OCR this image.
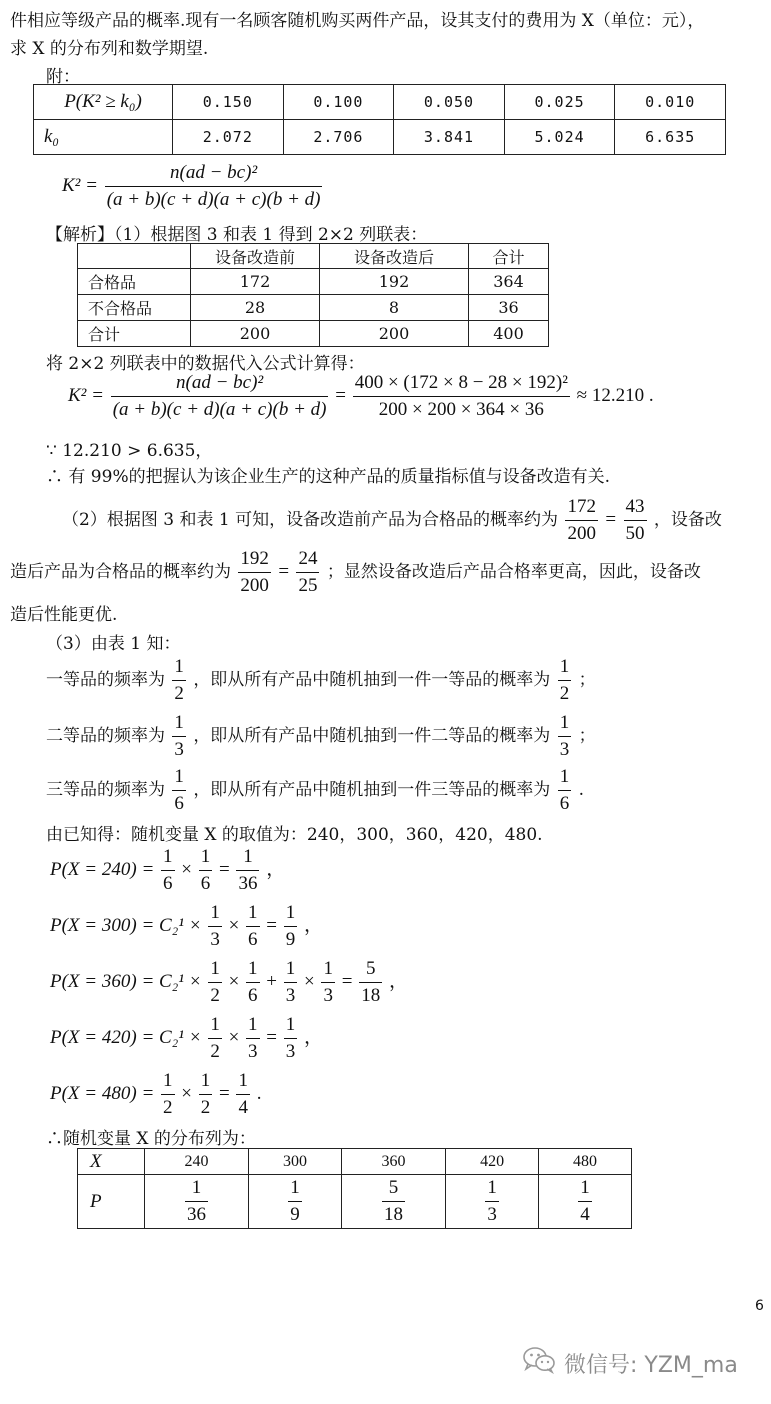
件相应等级产品的概率.现有一名顾客随机购买两件产品，设其支付的费用为 X（单位：元），
求 X 的分布列和数学期望.
附：
P(K² ≥ k₀)	0.150	0.100	0.050	0.025	0.010
k₀	2.072	2.706	3.841	5.024	6.635
$K^2 = \frac{\text{n(ad − bc)²}}{(a + b)(c + d)(a + c)(b + d)}$
【解析】（1）根据图 3 和表 1 得到 2×2 列联表：
	设备改造前	设备改造后	合计
合格品	172	192	364
不合格品	28	8	36
合计	200	200	400
将 2×2 列联表中的数据代入公式计算得：
$K^2 = \frac{\text{n(ad − bc)²}}{(a + b)(c + d)(a + c)(b + d)} = \frac{\text{400 × (172 × 8 − 28 × 192)²}}{200 \times 200 \times 364 \times 36} \approx 12.210$ .
∵ 12.210 > 6.635，
∴ 有 99%的把握认为该企业生产的这种产品的质量指标值与设备改造有关.
（2）根据图 3 和表 1 可知，设备改造前产品为合格品的概率约为 $\frac{172}{200} = \frac{43}{50}$ ，设备改
造后产品为合格品的概率约为 $\frac{192}{200} = \frac{24}{25}$ ；显然设备改造后产品合格率更高，因此，设备改
造后性能更优.
（3）由表 1 知：
一等品的频率为 $\frac{1}{2}$ ，即从所有产品中随机抽到一件一等品的概率为 $\frac{1}{2}$ ；
二等品的频率为 $\frac{1}{3}$ ，即从所有产品中随机抽到一件二等品的概率为 $\frac{1}{3}$ ；
三等品的频率为 $\frac{1}{6}$ ，即从所有产品中随机抽到一件三等品的概率为 $\frac{1}{6}$ .
由已知得：随机变量 X 的取值为：240，300，360，420，480.
$P(X = 240) = \frac{1}{6} \times \frac{1}{6} = \frac{1}{36}$ ，
$P(X = 300) = C_2^1 \times \frac{1}{3} \times \frac{1}{6} = \frac{1}{9}$ ，
$P(X = 360) = C_2^1 \times \frac{1}{2} \times \frac{1}{6} + \frac{1}{3} \times \frac{1}{3} = \frac{5}{18}$ ，
$P(X = 420) = C_2^1 \times \frac{1}{2} \times \frac{1}{3} = \frac{1}{3}$ ，
$P(X = 480) = \frac{1}{2} \times \frac{1}{2} = \frac{1}{4}$ .
∴随机变量 X 的分布列为：
X	240	300	360	420	480
P	$\frac{1}{36}$	$\frac{1}{9}$	$\frac{5}{18}$	$\frac{1}{3}$	$\frac{1}{4}$
6
微信号: YZM_ma
